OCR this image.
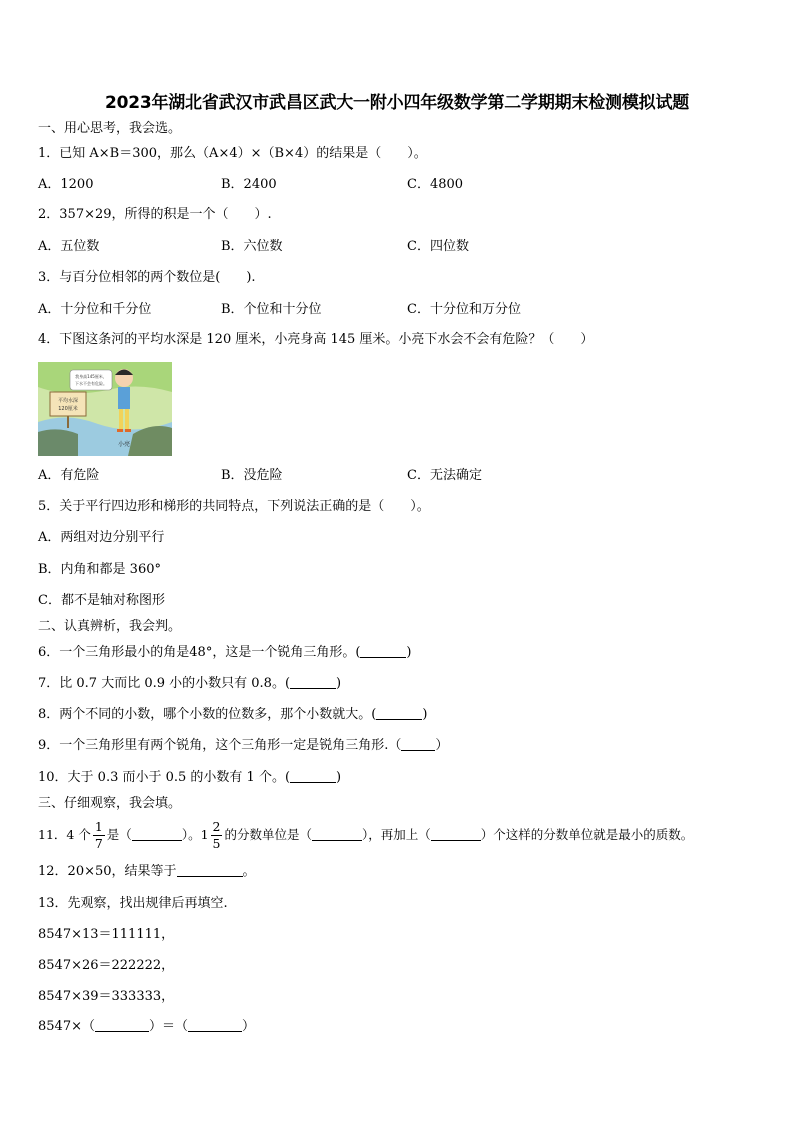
2023年湖北省武汉市武昌区武大一附小四年级数学第二学期期末检测模拟试题
一、用心思考，我会选。
1．已知 A×B＝300，那么（A×4）×（B×4）的结果是（　　）。
A．1200	B．2400	C．4800
2．357×29，所得的积是一个（　　）.
A．五位数	B．六位数	C．四位数
3．与百分位相邻的两个数位是(　　).
A．十分位和千分位	B．个位和十分位	C．十分位和万分位
4．下图这条河的平均水深是 120 厘米，小亮身高 145 厘米。小亮下水会不会有危险？（　　）
平均水深
120厘米
我身高145厘米，
下水不会有危险。
小亮
A．有危险	B．没危险	C．无法确定
5．关于平行四边形和梯形的共同特点，下列说法正确的是（　　）。
A．两组对边分别平行
B．内角和都是 360°
C．都不是轴对称图形
二、认真辨析，我会判。
6．一个三角形最小的角是48°，这是一个锐角三角形。(	)
7．比 0.7 大而比 0.9 小的小数只有 0.8。(	)
8．两个不同的小数，哪个小数的位数多，那个小数就大。(	)
9．一个三角形里有两个锐角，这个三角形一定是锐角三角形.（	）
10．大于 0.3 而小于 0.5 的小数有 1 个。(	)
三、仔细观察，我会填。
11．4 个 $\frac{1}{7}$ 是（	）。$1 \frac{2}{5}$ 的分数单位是（	），再加上（	）个这样的分数单位就是最小的质数。
12．20×50，结果等于	。
13．先观察，找出规律后再填空.
8547×13＝111111，
8547×26＝222222，
8547×39＝333333，
8547×（	）＝（	）
